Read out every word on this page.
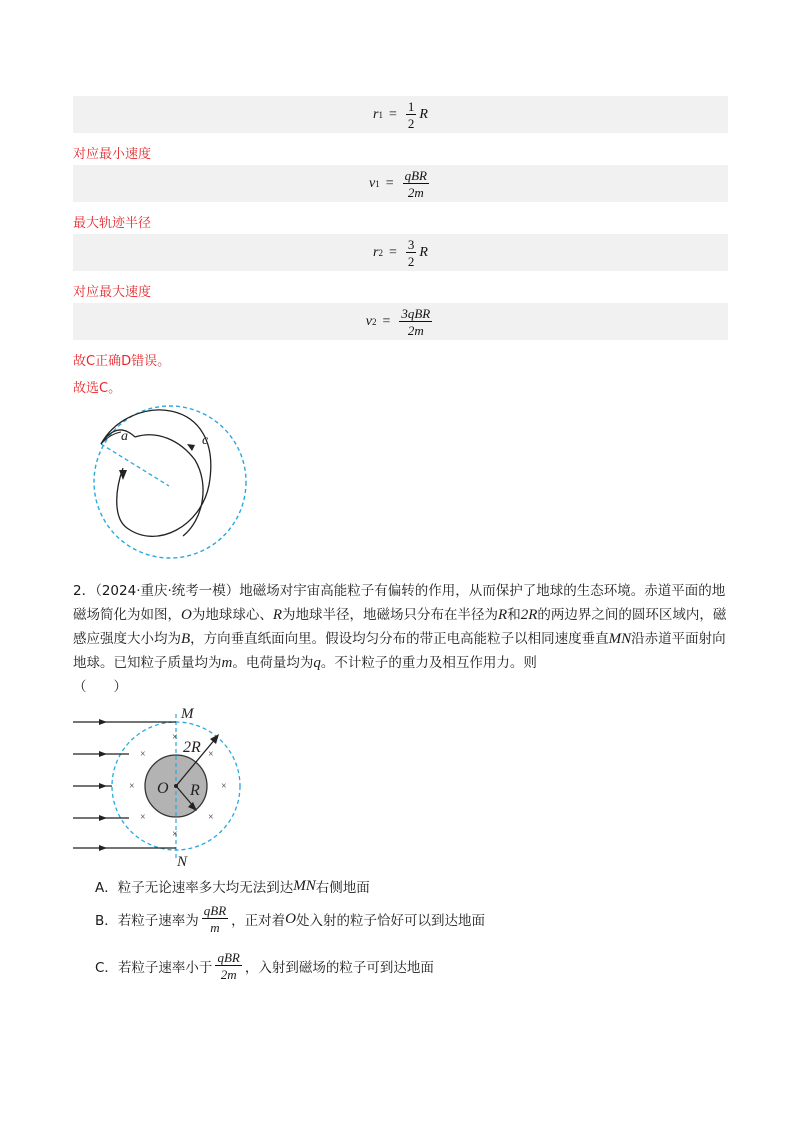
r $1 = \frac{1}{2}$ R
对应最小速度
v $1 = \frac{\text{qBR}}{2m}$
最大轨迹半径
r $2 = \frac{3}{2}$ R
对应最大速度
v $2 = \frac{\text{3qBR}}{2m}$
故C正确D错误。
故选C。
a	c
2．（2024·重庆·统考一模）地磁场对宇宙高能粒子有偏转的作用，从而保护了地球的生态环境。赤道平面的地磁场简化为如图，O为地球球心、R为地球半径，地磁场只分布在半径为R和2R的两边界之间的圆环区域内，磁感应强度大小均为B，方向垂直纸面向里。假设均匀分布的带正电高能粒子以相同速度垂直MN沿赤道平面射向地球。已知粒子质量均为m。电荷量均为q。不计粒子的重力及相互作用力。则
（　　）
×
×
×	×
×	×
×	×
M
N
O R
2R
A． 粒子无论速率多大均无法到达 MN 右侧地面
B． 若粒子速率为 $\frac{\text{qBR}}{m}$ ，正对着 O 处入射的粒子恰好可以到达地面
C． 若粒子速率小于 $\frac{\text{qBR}}{2m}$ ，入射到磁场的粒子可到达地面
